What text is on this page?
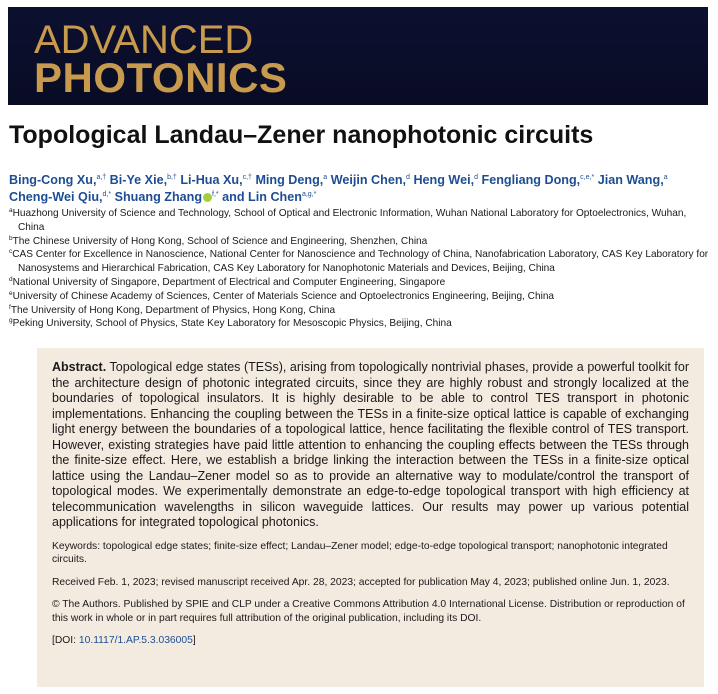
ADVANCED
PHOTONICS
Topological Landau–Zener nanophotonic circuits
Bing-Cong Xu,$^{a,\dagger}$ Bi-Ye Xie,$^{b,\dagger}$ Li-Hua Xu,$^{c,\dagger}$ Ming Deng,$^a$ Weijin Chen,$^d$ Heng Wei,$^d$ Fengliang Dong,$^{c,e,*}$ Jian Wang,$^a$
Cheng-Wei Qiu,$^{d,*}$ Shuang Zhang $^{f,*}$ and Lin Chen$^{a,g,*}$
$^a$Huazhong University of Science and Technology, School of Optical and Electronic Information, Wuhan National Laboratory for Optoelectronics, Wuhan, China
$^b$The Chinese University of Hong Kong, School of Science and Engineering, Shenzhen, China
$^c$CAS Center for Excellence in Nanoscience, National Center for Nanoscience and Technology of China, Nanofabrication Laboratory, CAS Key Laboratory for Nanosystems and Hierarchical Fabrication, CAS Key Laboratory for Nanophotonic Materials and Devices, Beijing, China
$^d$National University of Singapore, Department of Electrical and Computer Engineering, Singapore
$^e$University of Chinese Academy of Sciences, Center of Materials Science and Optoelectronics Engineering, Beijing, China
$^f$The University of Hong Kong, Department of Physics, Hong Kong, China
$^g$Peking University, School of Physics, State Key Laboratory for Mesoscopic Physics, Beijing, China
Abstract. Topological edge states (TESs), arising from topologically nontrivial phases, provide a powerful toolkit for the architecture design of photonic integrated circuits, since they are highly robust and strongly localized at the boundaries of topological insulators. It is highly desirable to be able to control TES transport in photonic implementations. Enhancing the coupling between the TESs in a finite-size optical lattice is capable of exchanging light energy between the boundaries of a topological lattice, hence facilitating the flexible control of TES transport. However, existing strategies have paid little attention to enhancing the coupling effects between the TESs through the finite-size effect. Here, we establish a bridge linking the interaction between the TESs in a finite-size optical lattice using the Landau–Zener model so as to provide an alternative way to modulate/control the transport of topological modes. We experimentally demonstrate an edge-to-edge topological transport with high efficiency at telecommunication wavelengths in silicon waveguide lattices. Our results may power up various potential applications for integrated topological photonics.
Keywords: topological edge states; finite-size effect; Landau–Zener model; edge-to-edge topological transport; nanophotonic integrated circuits.
Received Feb. 1, 2023; revised manuscript received Apr. 28, 2023; accepted for publication May 4, 2023; published online Jun. 1, 2023.
© The Authors. Published by SPIE and CLP under a Creative Commons Attribution 4.0 International License. Distribution or reproduction of this work in whole or in part requires full attribution of the original publication, including its DOI.
[DOI: 10.1117/1.AP.5.3.036005]
